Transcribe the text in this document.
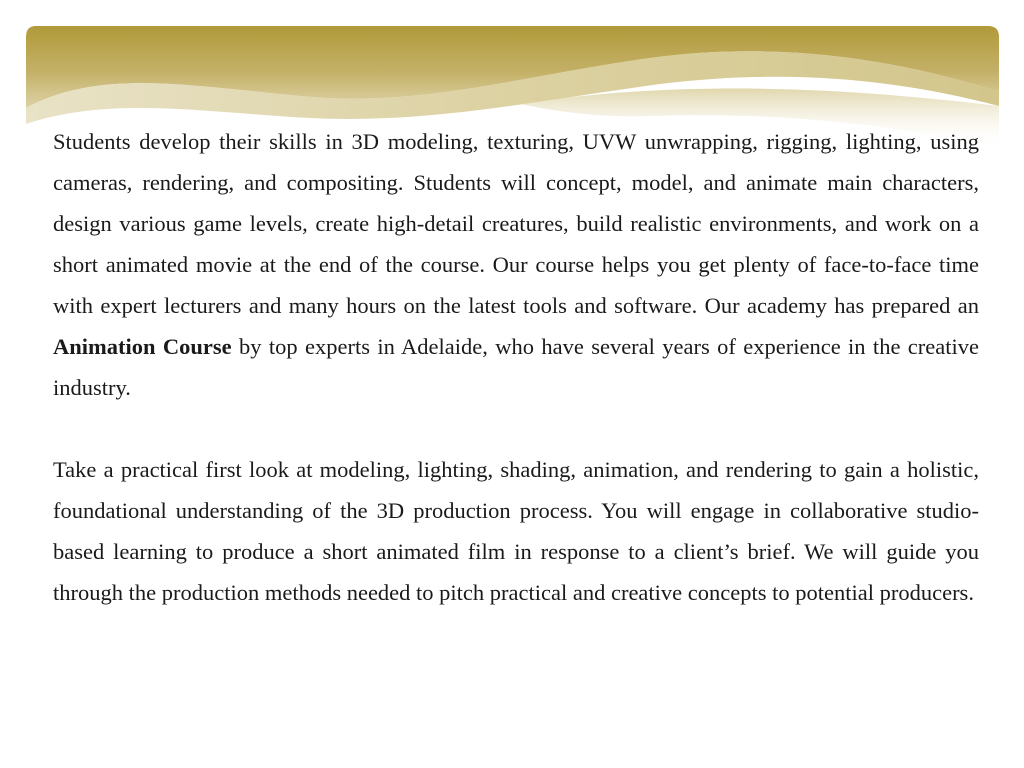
Students develop their skills in 3D modeling, texturing, UVW unwrapping, rigging, lighting, using cameras, rendering, and compositing. Students will concept, model, and animate main characters, design various game levels, create high-detail creatures, build realistic environments, and work on a short animated movie at the end of the course. Our course helps you get plenty of face-to-face time with expert lecturers and many hours on the latest tools and software. Our academy has prepared an Animation Course by top experts in Adelaide, who have several years of experience in the creative industry.

Take a practical first look at modeling, lighting, shading, animation, and rendering to gain a holistic, foundational understanding of the 3D production process. You will engage in collaborative studio-based learning to produce a short animated film in response to a client’s brief. We will guide you through the production methods needed to pitch practical and creative concepts to potential producers.
